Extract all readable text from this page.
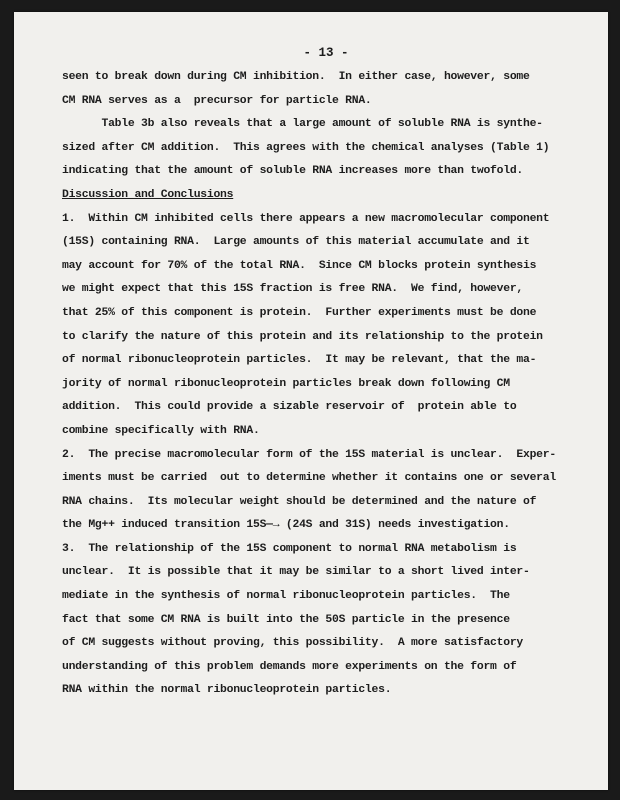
- 13 -
seen to break down during CM inhibition.  In either case, however, some
CM RNA serves as a  precursor for particle RNA.
Table 3b also reveals that a large amount of soluble RNA is synthe-
sized after CM addition.  This agrees with the chemical analyses (Table 1)
indicating that the amount of soluble RNA increases more than twofold.
Discussion and Conclusions
1.  Within CM inhibited cells there appears a new macromolecular component
(15S) containing RNA.  Large amounts of this material accumulate and it
may account for 70% of the total RNA.  Since CM blocks protein synthesis
we might expect that this 15S fraction is free RNA.  We find, however,
that 25% of this component is protein.  Further experiments must be done
to clarify the nature of this protein and its relationship to the protein
of normal ribonucleoprotein particles.  It may be relevant, that the ma-
jority of normal ribonucleoprotein particles break down following CM
addition.  This could provide a sizable reservoir of  protein able to
combine specifically with RNA.
2.  The precise macromolecular form of the 15S material is unclear.  Exper-
iments must be carried  out to determine whether it contains one or several
RNA chains.  Its molecular weight should be determined and the nature of
the Mg++ induced transition 15S—→ (24S and 31S) needs investigation.
3.  The relationship of the 15S component to normal RNA metabolism is
unclear.  It is possible that it may be similar to a short lived inter-
mediate in the synthesis of normal ribonucleoprotein particles.  The
fact that some CM RNA is built into the 50S particle in the presence
of CM suggests without proving, this possibility.  A more satisfactory
understanding of this problem demands more experiments on the form of
RNA within the normal ribonucleoprotein particles.
